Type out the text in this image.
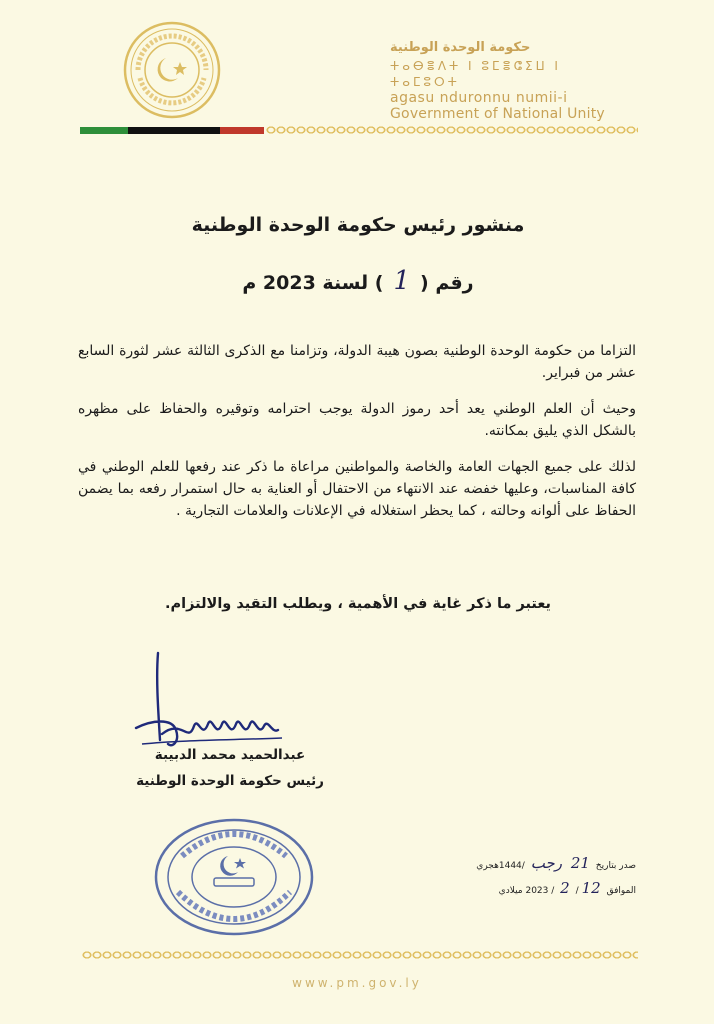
حكومة الوحدة الوطنية
ⵜⴰⴱⴻⴷⵜ ⵏ ⵓⵎⴻⵛⵉⵡ ⵏ ⵜⴰⵎⵓⵔⵜ
agasu nduronnu numii-i
Government of National Unity
منشور رئيس حكومة الوحدة الوطنية
رقم (1) لسنة 2023 م

التزاما من حكومة الوحدة الوطنية بصون هيبة الدولة، وتزامنا مع الذكرى الثالثة عشر لثورة السابع عشر من فبراير.

وحيث أن العلم الوطني يعد أحد رموز الدولة يوجب احترامه وتوقيره والحفاظ على مظهره بالشكل الذي يليق بمكانته.

لذلك على جميع الجهات العامة والخاصة والمواطنين مراعاة ما ذكر عند رفعها للعلم الوطني في كافة المناسبات، وعليها خفضه عند الانتهاء من الاحتفال أو العناية به حال استمرار رفعه بما يضمن الحفاظ على ألوانه وحالته ، كما يحظر استغلاله في الإعلانات والعلامات التجارية .

يعتبر ما ذكر غاية في الأهمية ، ويطلب التقيد والالتزام.
عبدالحميد محمد الدبيبة
رئيس حكومة الوحدة الوطنية
صدر بتاريخ 21 رجب /1444هجري
الموافق 12/ 2 / 2023 ميلادي
www.pm.gov.ly
